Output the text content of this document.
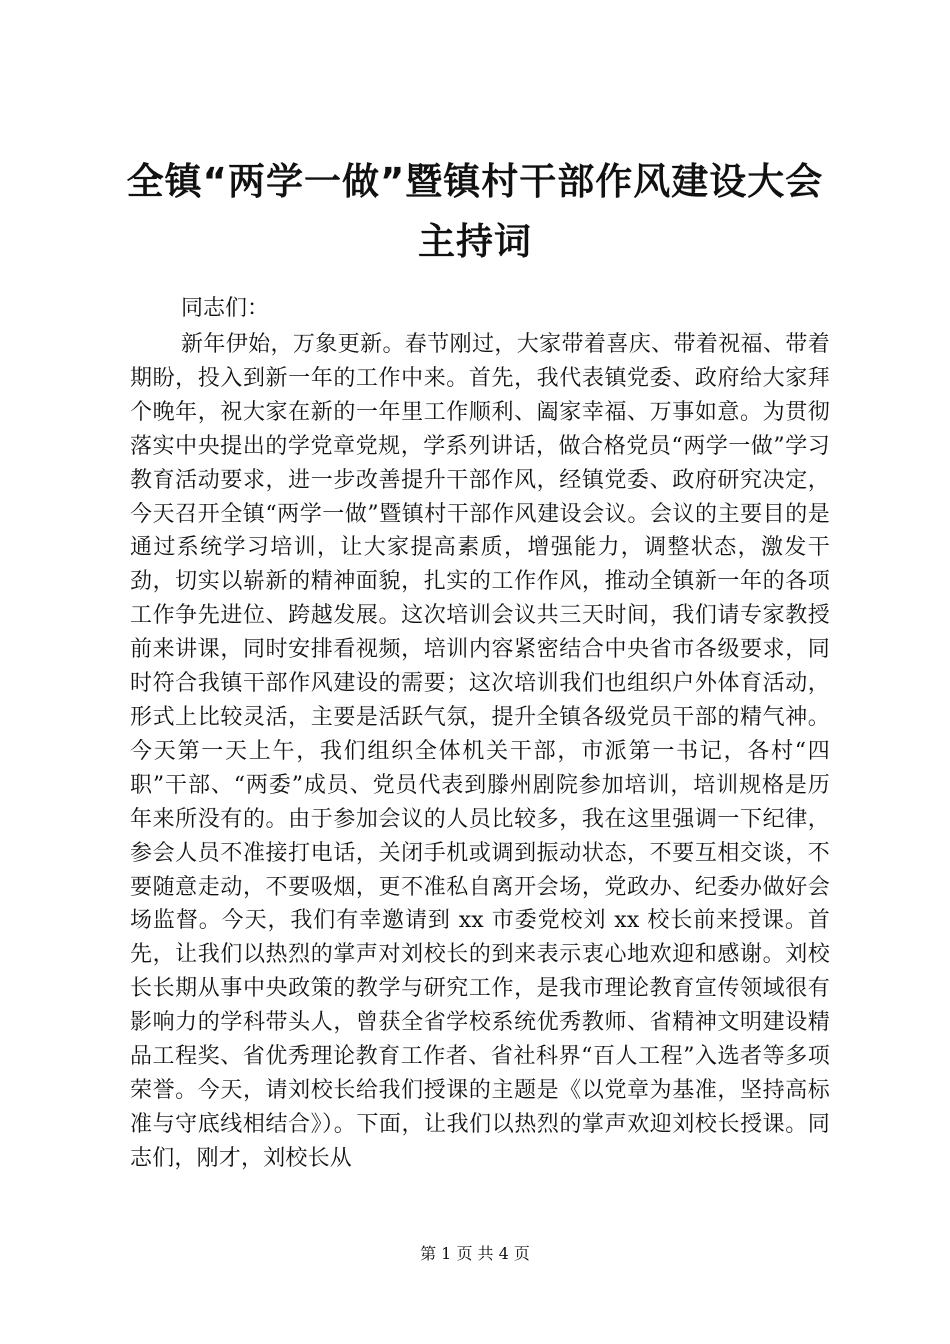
全镇“两学一做”暨镇村干部作风建设大会主持词

同志们：

新年伊始，万象更新。春节刚过，大家带着喜庆、带着祝福、带着期盼，投入到新一年的工作中来。首先，我代表镇党委、政府给大家拜个晚年，祝大家在新的一年里工作顺利、阖家幸福、万事如意。为贯彻落实中央提出的学党章党规，学系列讲话，做合格党员“两学一做”学习教育活动要求，进一步改善提升干部作风，经镇党委、政府研究决定，今天召开全镇“两学一做”暨镇村干部作风建设会议。会议的主要目的是通过系统学习培训，让大家提高素质，增强能力，调整状态，激发干劲，切实以崭新的精神面貌，扎实的工作作风，推动全镇新一年的各项工作争先进位、跨越发展。这次培训会议共三天时间，我们请专家教授前来讲课，同时安排看视频，培训内容紧密结合中央省市各级要求，同时符合我镇干部作风建设的需要；这次培训我们也组织户外体育活动，形式上比较灵活，主要是活跃气氛，提升全镇各级党员干部的精气神。今天第一天上午，我们组织全体机关干部，市派第一书记，各村“四职”干部、“两委”成员、党员代表到滕州剧院参加培训，培训规格是历年来所没有的。由于参加会议的人员比较多，我在这里强调一下纪律，参会人员不准接打电话，关闭手机或调到振动状态，不要互相交谈，不要随意走动，不要吸烟，更不准私自离开会场，党政办、纪委办做好会场监督。今天，我们有幸邀请到 xx 市委党校刘 xx 校长前来授课。首先，让我们以热烈的掌声对刘校长的到来表示衷心地欢迎和感谢。刘校长长期从事中央政策的教学与研究工作，是我市理论教育宣传领域很有影响力的学科带头人，曾获全省学校系统优秀教师、省精神文明建设精品工程奖、省优秀理论教育工作者、省社科界“百人工程”入选者等多项荣誉。今天，请刘校长给我们授课的主题是《以党章为基准，坚持高标准与守底线相结合》）。下面，让我们以热烈的掌声欢迎刘校长授课。同志们，刚才，刘校长从

第 1 页 共 4 页
